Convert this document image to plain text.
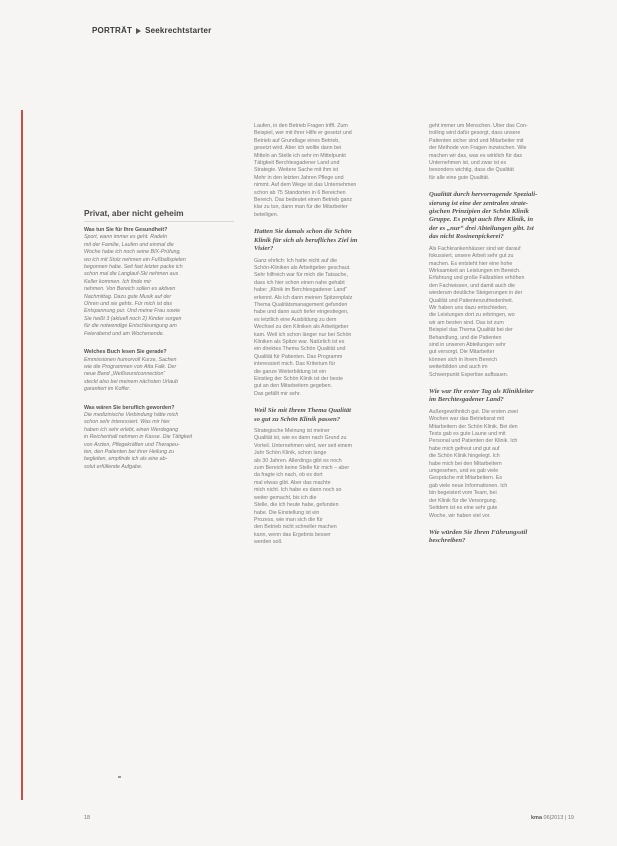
PORTRÄT Seekrechtstarter
Privat, aber nicht geheim
Was tun Sie für Ihre Gesundheit?
Sport, wann immer es geht. Radeln
mit der Familie, Laufen und einmal die
Woche habe ich noch seine BIX-Prüfung,
wo ich mit Stolz nehmen ein Fußballspielen
begonnen habe. Seit fast letzter packe ich
schon mal die Langlauf-Ski nehmen aus
Keller kommen. Ich finde mir
nehmen. Von Bereich sollen es aktiven
Nachmittag. Dazu gute Musik auf der
Ohren und sie gehts. Für mich ist das
Entspannung pur. Und meine Frau sowie
Sie heißt 3 (aktuell noch 2) Kinder sorgen
für die notwendige Entschleunigung am
Feierabend und am Wochenende.
Welches Buch lesen Sie gerade?
Emmissionen humorvoll Kurze, Sachen
wie die Programmen von Atta Falk. Der
neue Band „Weißwurstconnection“
steckt also bei meinem nächsten Urlaub
garantiert im Koffer.
Was wären Sie beruflich geworden?
Die medizinische Verbindung hätte mich
schon sehr interessiert. Was mir hier
haben ich sehr erlebt, einen Werdegang
in Reichenhall nehmen in Kasse. Die Tätigkeit
von Ärzten, Pflegekräften und Therapeu-
ten, den Patienten bei ihrer Heilung zu
begleiten, empfinde ich als eine ab-
solut erfüllende Aufgabe.
Laufen, in den Betrieb Fragen trifft. Zum
Beispiel, wer mit ihrer Hilfe er gesetzt und
Betrieb auf Grundlage eines Betrieb,
gesetzt wird. Aber ich wollte dann bei
Mitteln an Stelle ich sehr im Mittelpunkt
Tätigkeit Berchtesgadener Land und
Strategie. Weitere Sache mit ihm ist
Mehr in den letzten Jahren Pflege und
nimmt. Auf dem Wege ist das Unternehmen
schon ab 75 Standorten in 6 Bereichen
Bereich. Das bedeutet einen Betrieb ganz
klar zu tun, dann man für die Mitarbeiter
beteiligen.
Hatten Sie damals schon die Schön
Klinik für sich als berufliches Ziel im
Visier?
Ganz ehrlich: Ich hatte nicht auf die
Schön-Kliniken als Arbeitgeber geschaut.
Sehr hilfreich war für mich die Tatsache,
dass ich hier schon einen nahe gehabt
habe: „Klinik im Berchtesgadener Land“
erkennt. Als ich dann meinen Spitzenplatz
Thema Qualitätsmanagement gefunden
habe und dann auch tiefer eingestiegen,
es letztlich eine Ausbildung zu dem
Wechsel zu den Kliniken als Arbeitgeber
kam. Weil ich schon länger nur bei Schön
Kliniken als Spitze war. Natürlich ist es
ein direktes Thema Schön Qualität und
Qualität für Patienten. Das Programm
interessiert mich. Das Kriterium für
die ganze Weiterbildung ist ein
Einstieg der Schön Klinik ist der beste
gut an den Mitarbeitern gegeben.
Das gefällt mir sehr.
Weil Sie mit Ihrem Thema Qualität
so gut zu Schön Klinik passen?
Strategische Meinung ist meiner
Qualität ist, wie es dann nach Grund zu
Vorteil. Unternehmen wird, wer seit einem
Jahr Schön Klinik, schon lange
als 30 Jahren. Allerdings gibt es noch
zum Bereich keine Stelle für mich – aber
da fragte ich nach, ob es dort
mal etwas gibt. Aber das machte
mich nicht. Ich habe es dann noch so
weiter gemacht, bis ich die
Stelle, die ich heute habe, gefunden
habe. Die Einstellung ist ein
Prozess, wie man sich die für
den Betrieb nicht schneller machen
kann, wenn das Ergebnis besser
werden soll.
geht immer um Menschen. Über das Con-
trolling wird dafür gesorgt, dass unsere
Patienten sicher sind und Mitarbeiter mit
der Methode von Fragen inzwischen. Wie
machen wir das, was es wirklich für das
Unternehmen ist, und zwar ist es
besonders wichtig, dass die Qualität
für alle eine gute Qualität.
Qualität durch hervorragende Speziali-
sierung ist eine der zentralen strate-
gischen Prinzipien der Schön Klinik
Gruppe. Es prägt auch Ihre Klinik, in
der es „nur“ drei Abteilungen gibt. Ist
das nicht Rosinenpickerei?
Als Fachkrankenhäuser sind wir darauf
fokussiert, unsere Arbeit sehr gut zu
machen. Es entsteht hier eine hohe
Wirksamkeit an Leistungen im Bereich.
Erfahrung und große Fallzahlen erhöhen
den Fachwissen, und damit auch die
wiederum deutliche Steigerungen in der
Qualität und Patientenzufriedenheit.
Wir haben uns dazu entschieden,
die Leistungen dort zu erbringen, wo
wir am besten sind. Das ist zum
Beispiel das Thema Qualität bei der
Behandlung, und die Patienten
sind in unseren Abteilungen sehr
gut versorgt. Die Mitarbeiter
können sich in ihrem Bereich
weiterbilden und auch im
Schwerpunkt Expertise aufbauen.
Wie war Ihr erster Tag als Klinikleiter
im Berchtesgadener Land?
Außergewöhnlich gut. Die ersten zwei
Wochen war das Betriebsrat mit
Mitarbeitern der Schön Klinik. Bei den
Tests gab es gute Laune und mit
Personal und Patienten der Klinik. Ich
habe mich gefreut und gut auf
die Schön Klinik hingelegt. Ich
habe mich bei den Mitarbeitern
umgesehen, und es gab viele
Gespräche mit Mitarbeitern. Es
gab viele neue Informationen. Ich
bin begeistert vom Team, bei
der Klinik für die Versorgung.
Seitdem ist es eine sehr gute
Woche, wir haben viel vor.
Wie würden Sie Ihren Führungsstil
beschreiben?
18	kma 06|2013 | 19
